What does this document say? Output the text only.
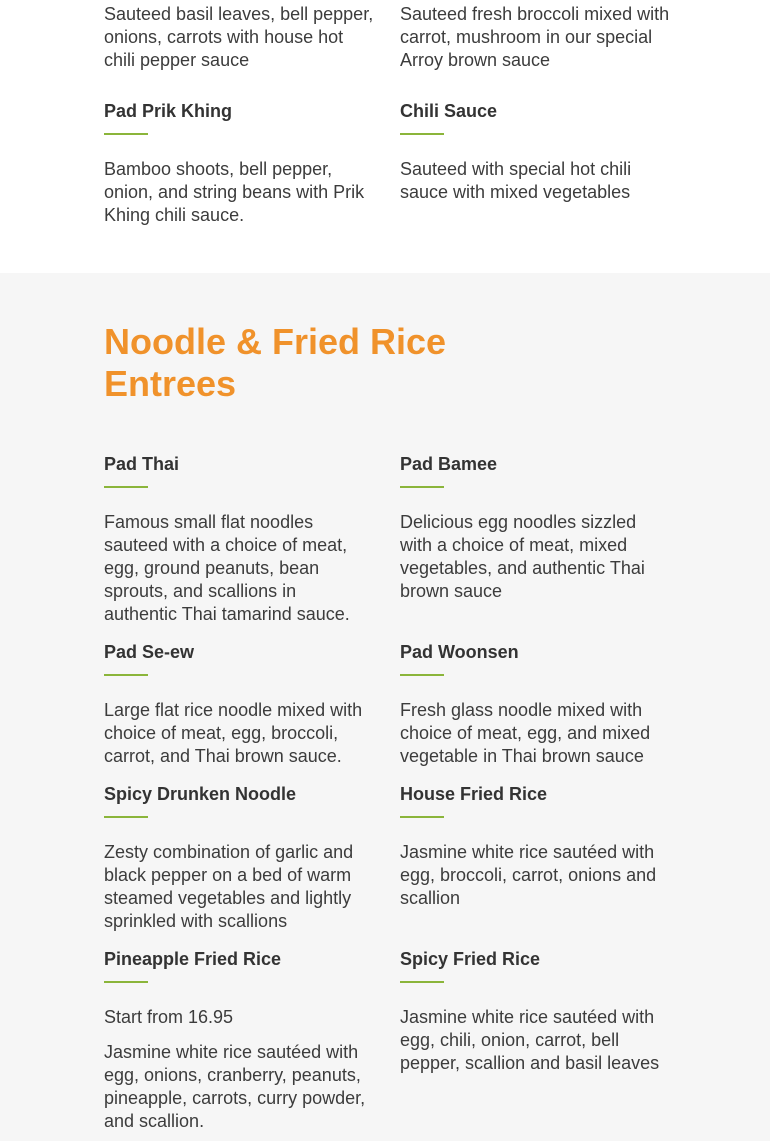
Sauteed basil leaves, bell pepper, onions, carrots with house hot chili pepper sauce

Sauteed fresh broccoli mixed with carrot, mushroom in our special Arroy brown sauce

Pad Prik Khing

Bamboo shoots, bell pepper, onion, and string beans with Prik Khing chili sauce.

Chili Sauce

Sauteed with special hot chili sauce with mixed vegetables

Noodle & Fried Rice Entrees
Pad Thai

Famous small flat noodles sauteed with a choice of meat, egg, ground peanuts, bean sprouts, and scallions in authentic Thai tamarind sauce.

Pad Bamee

Delicious egg noodles sizzled with a choice of meat, mixed vegetables, and authentic Thai brown sauce

Pad Se-ew

Large flat rice noodle mixed with choice of meat, egg, broccoli, carrot, and Thai brown sauce.

Pad Woonsen

Fresh glass noodle mixed with choice of meat, egg, and mixed vegetable in Thai brown sauce

Spicy Drunken Noodle

Zesty combination of garlic and black pepper on a bed of warm steamed vegetables and lightly sprinkled with scallions

House Fried Rice

Jasmine white rice sautéed with egg, broccoli, carrot, onions and scallion

Pineapple Fried Rice

Start from 16.95

Jasmine white rice sautéed with egg, onions, cranberry, peanuts, pineapple, carrots, curry powder, and scallion.

Spicy Fried Rice

Jasmine white rice sautéed with egg, chili, onion, carrot, bell pepper, scallion and basil leaves
